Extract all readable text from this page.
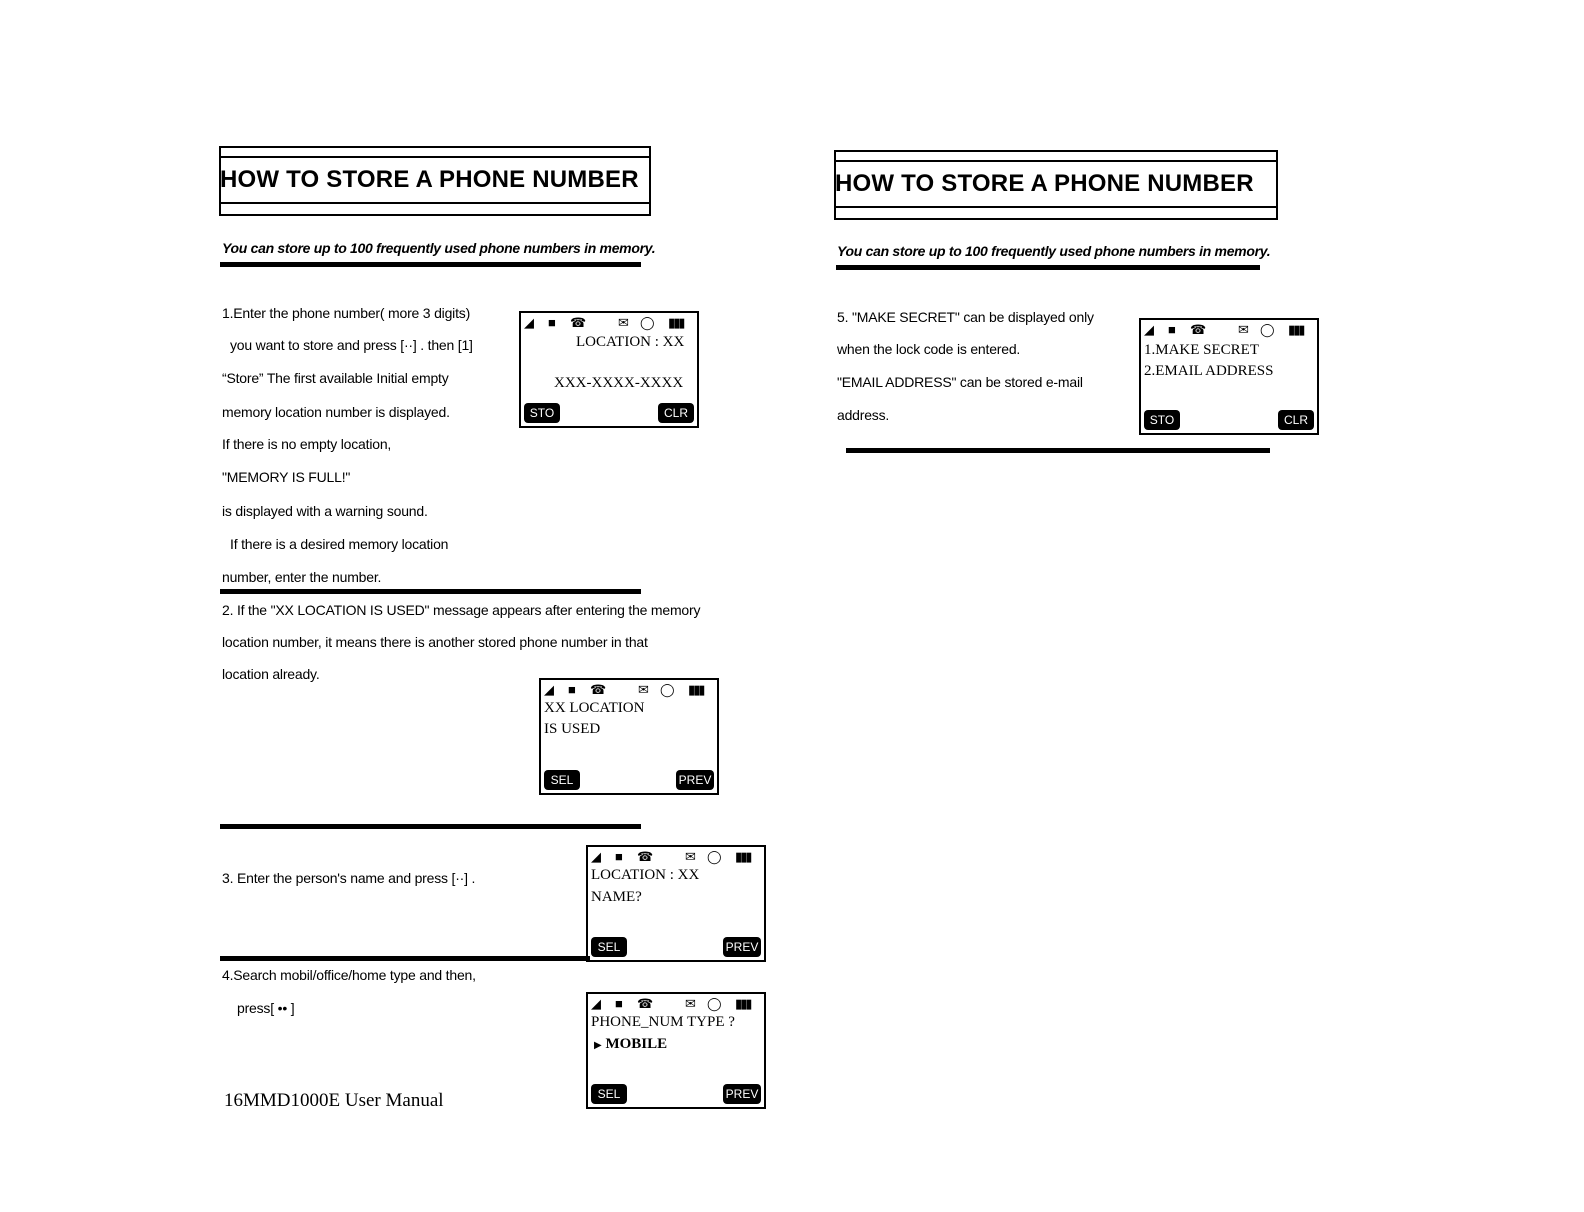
HOW TO STORE A PHONE NUMBER
You can store up to 100 frequently used phone numbers in memory.
1.Enter the phone number( more 3 digits)
you want to store and press [··] . then [1]
“Store” The first available Initial empty
memory location number is displayed.
If there is no empty location,
"MEMORY IS FULL!"
is displayed with a warning sound.
If there is a desired memory location
number, enter the number.
◢ ■ ☎ ✉ ◯ ▮▮▮
LOCATION : XX
XXX-XXXX-XXXX
STO	CLR
2. If the "XX LOCATION IS USED" message appears after entering the memory
location number, it means there is another stored phone number in that
location already.
◢ ■ ☎ ✉ ◯ ▮▮▮
XX LOCATION
IS USED
SEL	PREV
3. Enter the person's name and press [··] .
◢ ■ ☎ ✉ ◯ ▮▮▮
LOCATION : XX
NAME?
SEL	PREV
4.Search mobil/office/home type and then,
press[ •• ]	◢ ■ ☎ ✉ ◯ ▮▮▮
PHONE_NUM TYPE ?
▶ MOBILE
SEL	PREV
16MMD1000E User Manual
HOW TO STORE A PHONE NUMBER
You can store up to 100 frequently used phone numbers in memory.
5. "MAKE SECRET" can be displayed only
when the lock code is entered.
"EMAIL ADDRESS" can be stored e-mail
address.
◢ ■ ☎ ✉ ◯ ▮▮▮
1.MAKE SECRET
2.EMAIL ADDRESS
STO	CLR
